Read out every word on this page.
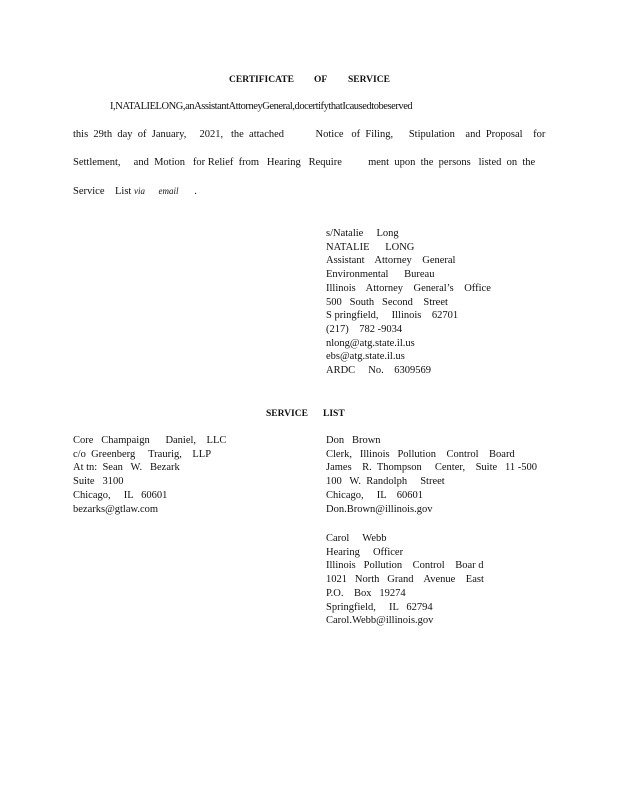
CERTIFICATE OF SERVICE
I,NATALIELONG,anAssistantAttorneyGeneral,docertifythatIcausedtobeserved
this  29th  day  of  January,     2021,   the  attached            Notice   of  Filing,      Stipulation    and  Proposal    for
Settlement,     and  Motion   for Relief  from   Hearing   Require          ment  upon  the  persons   listed  on  the
Service    List via      email      .
s/Natalie     Long
NATALIE      LONG
Assistant    Attorney    General
Environmental      Bureau
Illinois    Attorney    General’s    Office
500   South   Second    Street
S pringfield,     Illinois    62701
(217)    782 -9034
nlong@atg.state.il.us
ebs@atg.state.il.us
ARDC     No.    6309569
SERVICE LIST
Core   Champaign      Daniel,    LLC
c/o  Greenberg     Traurig,    LLP
At tn:  Sean   W.   Bezark
Suite   3100
Chicago,     IL   60601
bezarks@gtlaw.com
Don   Brown
Clerk,   Illinois   Pollution    Control    Board
James    R.  Thompson     Center,    Suite   11 -500
100   W.  Randolph     Street
Chicago,     IL    60601
Don.Brown@illinois.gov
Carol     Webb
Hearing     Officer
Illinois   Pollution    Control    Boar d
1021   North   Grand    Avenue    East
P.O.    Box   19274
Springfield,     IL   62794
Carol.Webb@illinois.gov
